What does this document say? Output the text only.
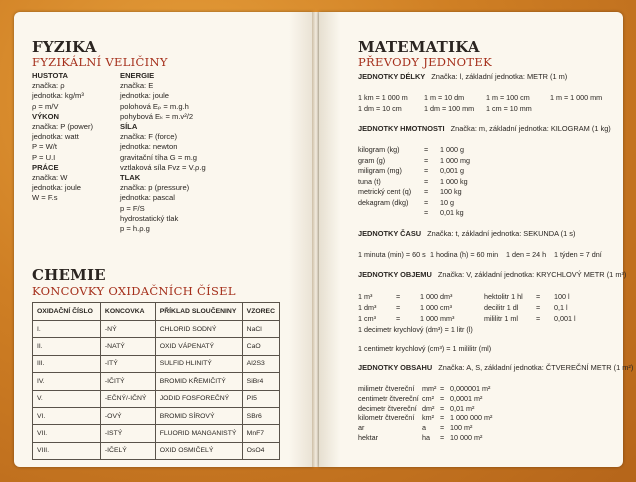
FYZIKA
FYZIKÁLNÍ VELIČINY
HUSTOTA
značka: ρ
jednotka: kg/m³
ρ = m/V
VÝKON
značka: P (power)
jednotka: watt
P = W/t
P = U.I
PRÁCE
značka: W
jednotka: joule
W = F.s
ENERGIE
značka: E
jednotka: joule
polohová Eₚ = m.g.h
pohybová Eₖ = m.v²/2
SÍLA
značka: F (force)
jednotka: newton
gravitační tíha G = m.g
vztlaková síla Fvz = V.ρ.g
TLAK
značka: p (pressure)
jednotka: pascal
p = F/S
hydrostatický tlak
p = h.ρ.g
CHEMIE
KONCOVKY OXIDAČNÍCH ČÍSEL
OXIDAČNÍ ČÍSLO	KONCOVKA	PŘÍKLAD SLOUČENINY	VZOREC
I.	-NÝ	CHLORID SODNÝ	NaCl
II.	-NATÝ	OXID VÁPENATÝ	CaO
III.	-ITÝ	SULFID HLINITÝ	Al2S3
IV.	-IČITÝ	BROMID KŘEMIČITÝ	SiBr4
V.	-EČNÝ/-IČNÝ	JODID FOSFOREČNÝ	PI5
VI.	-OVÝ	BROMID SÍROVÝ	SBr6
VII.	-ISTÝ	FLUORID MANGANISTÝ	MnF7
VIII.	-IČELÝ	OXID OSMIČELÝ	OsO4
MATEMATIKA
PŘEVODY JEDNOTEK
JEDNOTKY DÉLKY Značka: l, základní jednotka: METR (1 m)
1 km = 1 000 m 1 m = 10 dm	1 m = 100 cm	1 m = 1 000 mm
1 dm = 10 cm	1 dm = 100 mm 1 cm = 10 mm
JEDNOTKY HMOTNOSTI Značka: m, základní jednotka: KILOGRAM (1 kg)
kilogram (kg)	= 1 000 g
gram (g)	= 1 000 mg
miligram (mg)	= 0,001 g
tuna (t)	= 1 000 kg
metrický cent (q) = 100 kg
dekagram (dkg) = 10 g
= 0,01 kg
JEDNOTKY ČASU Značka: t, základní jednotka: SEKUNDA (1 s)
1 minuta (min) = 60 s 1 hodina (h) = 60 min 1 den = 24 h 1 týden = 7 dní
JEDNOTKY OBJEMU Značka: V, základní jednotka: KRYCHLOVÝ METR (1 m³)
1 m³	=	1 000 dm³	hektolitr 1 hl = 100 l
1 dm³	=	1 000 cm³	decilitr 1 dl = 0,1 l
1 cm³	=	1 000 mm³	mililitr 1 ml	= 0,001 l
1 decimetr krychlový (dm³) = 1 litr (l)
1 centimetr krychlový (cm³) = 1 mililitr (ml)
JEDNOTKY OBSAHU Značka: A, S, základní jednotka: ČTVEREČNÍ METR (1 m²)
milimetr čtvereční mm² = 0,000001 m²
centimetr čtvereční cm² = 0,0001 m²
decimetr čtvereční dm² = 0,01 m²
kilometr čtvereční km² = 1 000 000 m²
ar	a = 100 m²
hektar	ha = 10 000 m²
